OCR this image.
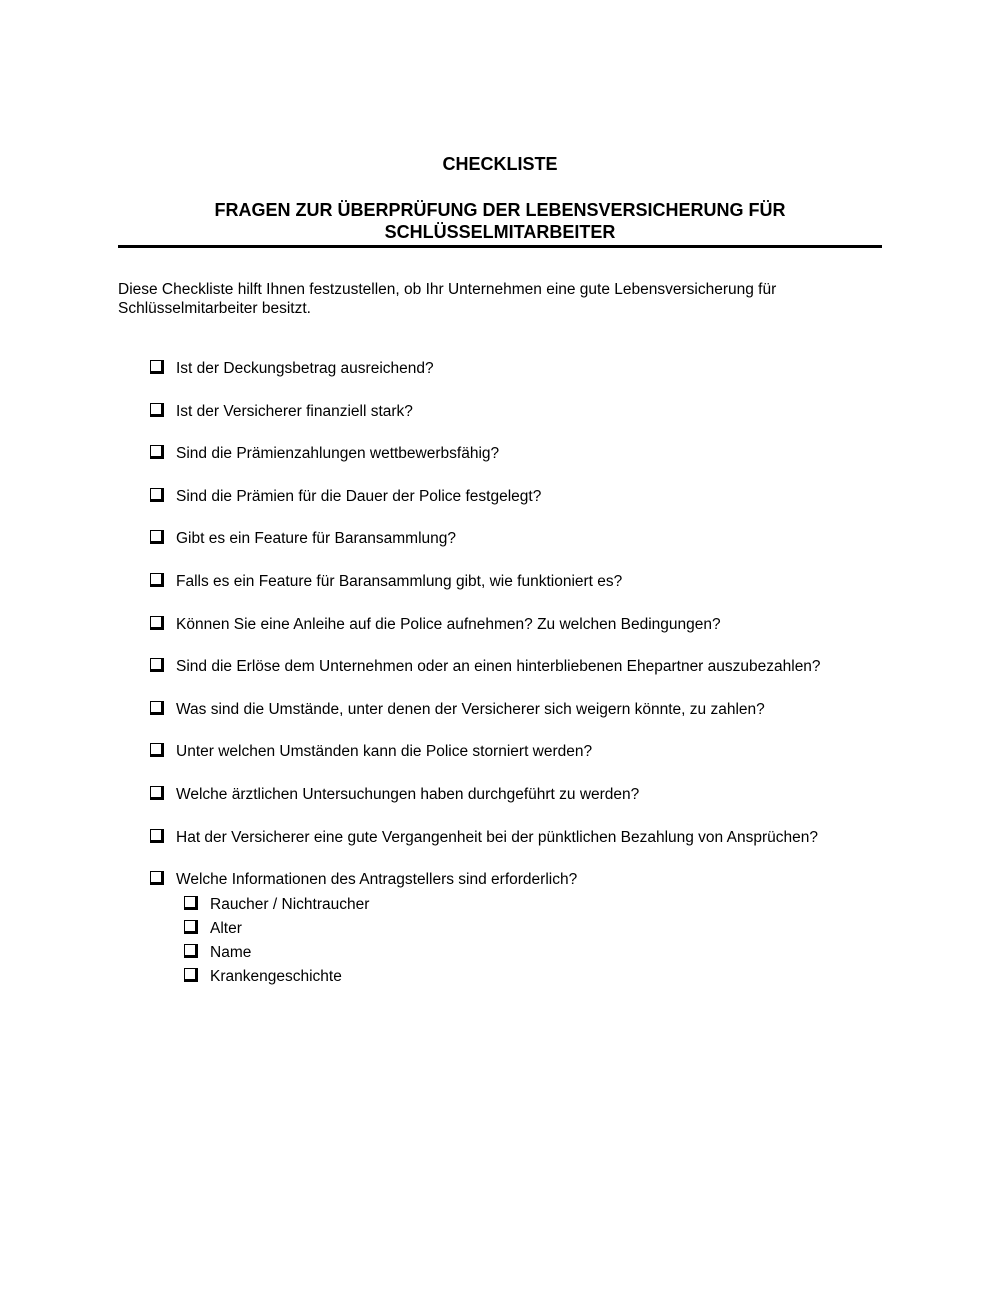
CHECKLISTE
FRAGEN ZUR ÜBERPRÜFUNG DER LEBENSVERSICHERUNG FÜR
SCHLÜSSELMITARBEITER
Diese Checkliste hilft Ihnen festzustellen, ob Ihr Unternehmen eine gute Lebensversicherung für
Schlüsselmitarbeiter besitzt.
Ist der Deckungsbetrag ausreichend?
Ist der Versicherer finanziell stark?
Sind die Prämienzahlungen wettbewerbsfähig?
Sind die Prämien für die Dauer der Police festgelegt?
Gibt es ein Feature für Baransammlung?
Falls es ein Feature für Baransammlung gibt, wie funktioniert es?
Können Sie eine Anleihe auf die Police aufnehmen? Zu welchen Bedingungen?
Sind die Erlöse dem Unternehmen oder an einen hinterbliebenen Ehepartner auszubezahlen?
Was sind die Umstände, unter denen der Versicherer sich weigern könnte, zu zahlen?
Unter welchen Umständen kann die Police storniert werden?
Welche ärztlichen Untersuchungen haben durchgeführt zu werden?
Hat der Versicherer eine gute Vergangenheit bei der pünktlichen Bezahlung von Ansprüchen?
Welche Informationen des Antragstellers sind erforderlich?
Raucher / Nichtraucher
Alter
Name
Krankengeschichte
